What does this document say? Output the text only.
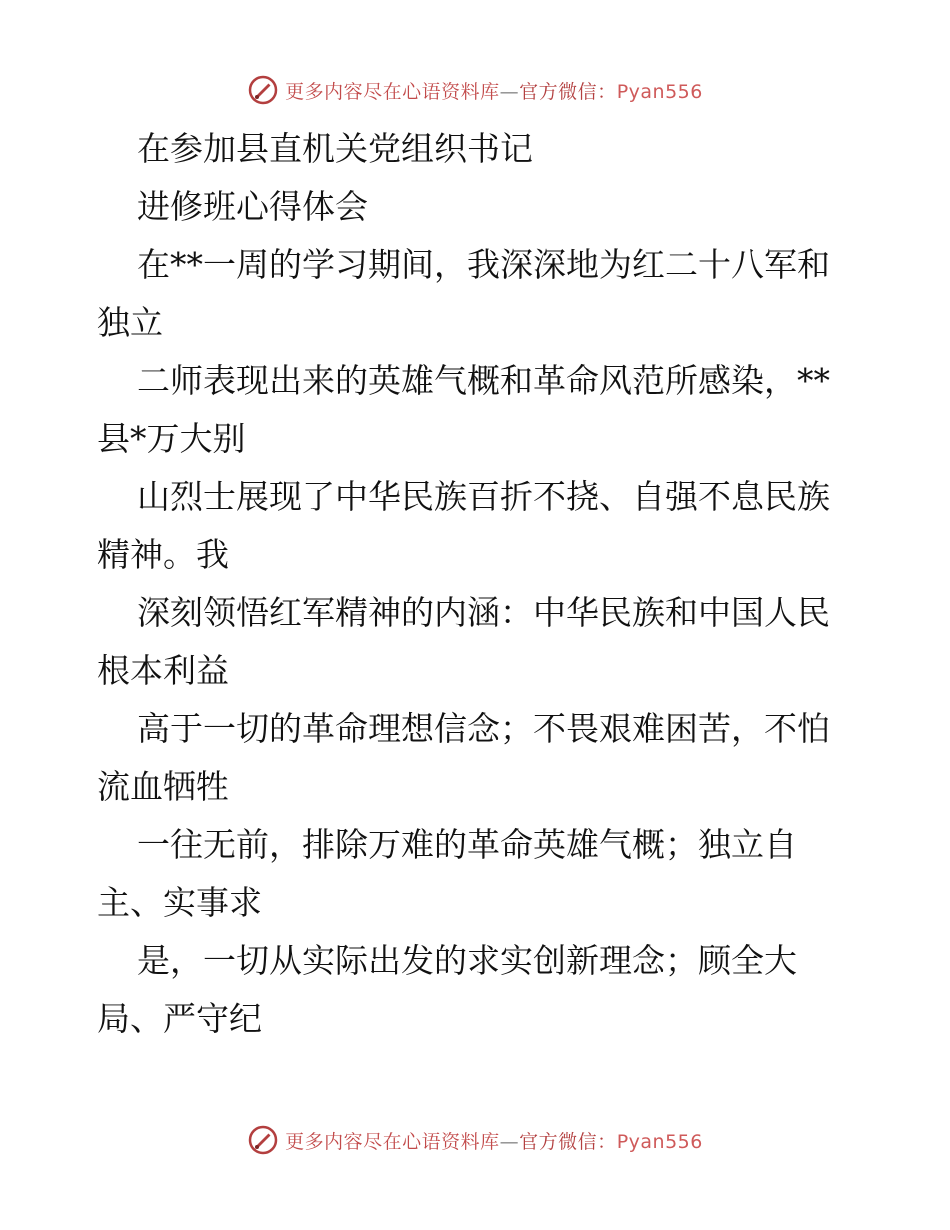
更多内容尽在心语资料库—官方微信：Pyan556
在参加县直机关党组织书记
进修班心得体会
在**一周的学习期间，我深深地为红二十八军和
独立
二师表现出来的英雄气概和革命风范所感染，**
县*万大别
山烈士展现了中华民族百折不挠、自强不息民族
精神。我
深刻领悟红军精神的内涵：中华民族和中国人民
根本利益
高于一切的革命理想信念；不畏艰难困苦，不怕
流血牺牲
一往无前，排除万难的革命英雄气概；独立自
主、实事求
是，一切从实际出发的求实创新理念；顾全大
局、严守纪
更多内容尽在心语资料库—官方微信：Pyan556
